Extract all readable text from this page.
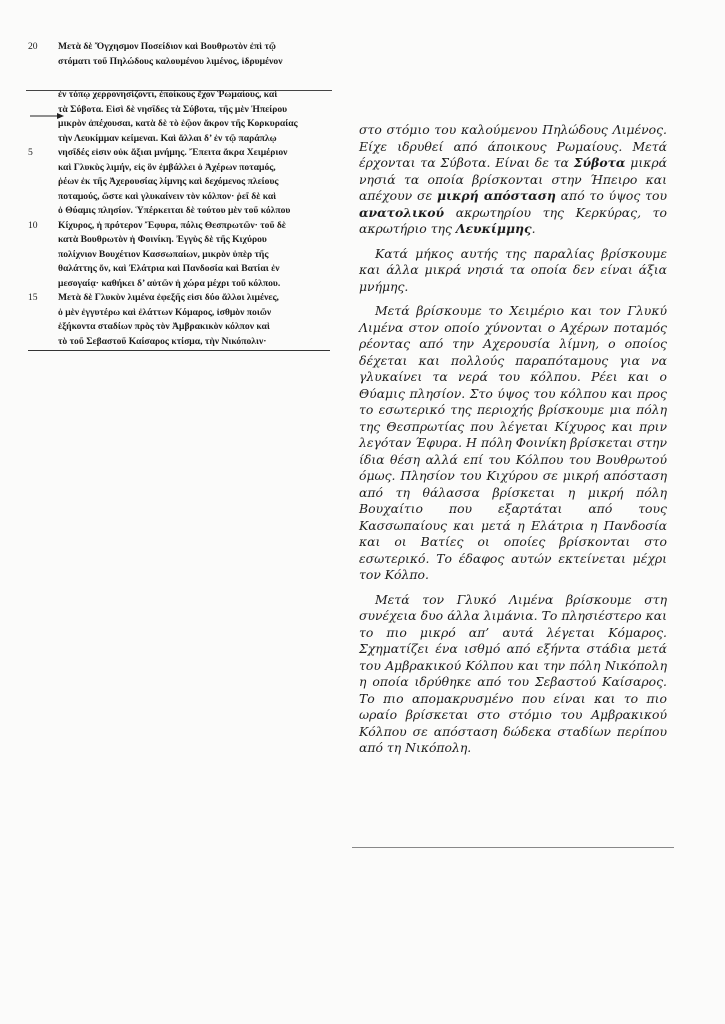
20	Μετὰ δὲ Ὄγχησμον Ποσείδιον καὶ Βουθρωτὸν ἐπὶ τῷ
στόματι τοῦ Πηλώδους καλουμένου λιμένος, ἱδρυμένον
ἐν τόπῳ χερρονησίζοντι, ἐποίκους ἔχον Ῥωμαίους, καὶ
τὰ Σύβοτα. Εἰσὶ δὲ νησῖδες τὰ Σύβοτα, τῆς μὲν Ἠπείρου
μικρὸν ἀπέχουσαι, κατὰ δὲ τὸ ἑῷον ἄκρον τῆς Κορκυραίας
τὴν Λευκίμμαν κείμεναι. Καὶ ἄλλαι δ’ ἐν τῷ παράπλῳ
5	νησῖδές εἰσιν οὐκ ἄξιαι μνήμης. Ἔπειτα ἄκρα Χειμέριον
καὶ Γλυκὺς λιμήν, εἰς ὃν ἐμβάλλει ὁ Ἀχέρων ποταμός,
ῥέων ἐκ τῆς Ἀχερουσίας λίμνης καὶ δεχόμενος πλείους
ποταμούς, ὥστε καὶ γλυκαίνειν τὸν κόλπον· ῥεῖ δὲ καὶ
ὁ Θύαμις πλησίον. Ὑπέρκειται δὲ τούτου μὲν τοῦ κόλπου
10	Κίχυρος, ἡ πρότερον Ἔφυρα, πόλις Θεσπρωτῶν· τοῦ δὲ
κατὰ Βουθρωτὸν ἡ Φοινίκη. Ἐγγὺς δὲ τῆς Κιχύρου
πολίχνιον Βουχέτιον Κασσωπαίων, μικρὸν ὑπὲρ τῆς
θαλάττης ὄν, καὶ Ἐλάτρια καὶ Πανδοσία καὶ Βατίαι ἐν
μεσογαίᾳ· καθήκει δ’ αὐτῶν ἡ χώρα μέχρι τοῦ κόλπου.
15	Μετὰ δὲ Γλυκὺν λιμένα ἐφεξῆς εἰσι δύο ἄλλοι λιμένες,
ὁ μὲν ἐγγυτέρω καὶ ἐλάττων Κόμαρος, ἰσθμὸν ποιῶν
ἑξήκοντα σταδίων πρὸς τὸν Ἀμβρακικὸν κόλπον καὶ
τὸ τοῦ Σεβαστοῦ Καίσαρος κτίσμα, τὴν Νικόπολιν·

στο στόμιο του καλούμενου Πηλώδους Λιμένος. Είχε ιδρυθεί από άποικους Ρωμαίους. Μετά έρχονται τα Σύβοτα. Είναι δε τα Σύβοτα μικρά νησιά τα οποία βρίσκονται στην Ήπειρο και απέχουν σε μικρή απόσταση από το ύψος του ανατολικού ακρωτηρίου της Κερκύρας, το ακρωτήριο της Λευκίμμης.

Κατά μήκος αυτής της παραλίας βρίσκουμε και άλλα μικρά νησιά τα οποία δεν είναι άξια μνήμης.

Μετά βρίσκουμε το Χειμέριο και τον Γλυκύ Λιμένα στον οποίο χύνονται ο Αχέρων ποταμός ρέοντας από την Αχερουσία λίμνη, ο οποίος δέχεται και πολλούς παραπόταμους για να γλυκαίνει τα νερά του κόλπου. Ρέει και ο Θύαμις πλησίον. Στο ύψος του κόλπου και προς το εσωτερικό της περιοχής βρίσκουμε μια πόλη της Θεσπρωτίας που λέγεται Κίχυρος και πριν λεγόταν Έφυρα. Η πόλη Φοινίκη βρίσκεται στην ίδια θέση αλλά επί του Κόλπου του Βουθρωτού όμως. Πλησίον του Κιχύρου σε μικρή απόσταση από τη θάλασσα βρίσκεται η μικρή πόλη Βουχαίτιο που εξαρτάται από τους Κασσωπαίους και μετά η Ελάτρια η Πανδοσία και οι Βατίες οι οποίες βρίσκονται στο εσωτερικό. Το έδαφος αυτών εκτείνεται μέχρι τον Κόλπο.

Μετά τον Γλυκό Λιμένα βρίσκουμε στη συνέχεια δυο άλλα λιμάνια. Το πλησιέστερο και το πιο μικρό απ’ αυτά λέγεται Κόμαρος. Σχηματίζει ένα ισθμό από εξήντα στάδια μετά του Αμβρακικού Κόλπου και την πόλη Νικόπολη η οποία ιδρύθηκε από του Σεβαστού Καίσαρος. Το πιο απομακρυσμένο που είναι και το πιο ωραίο βρίσκεται στο στόμιο του Αμβρακικού Κόλπου σε απόσταση δώδεκα σταδίων περίπου από τη Νικόπολη.
